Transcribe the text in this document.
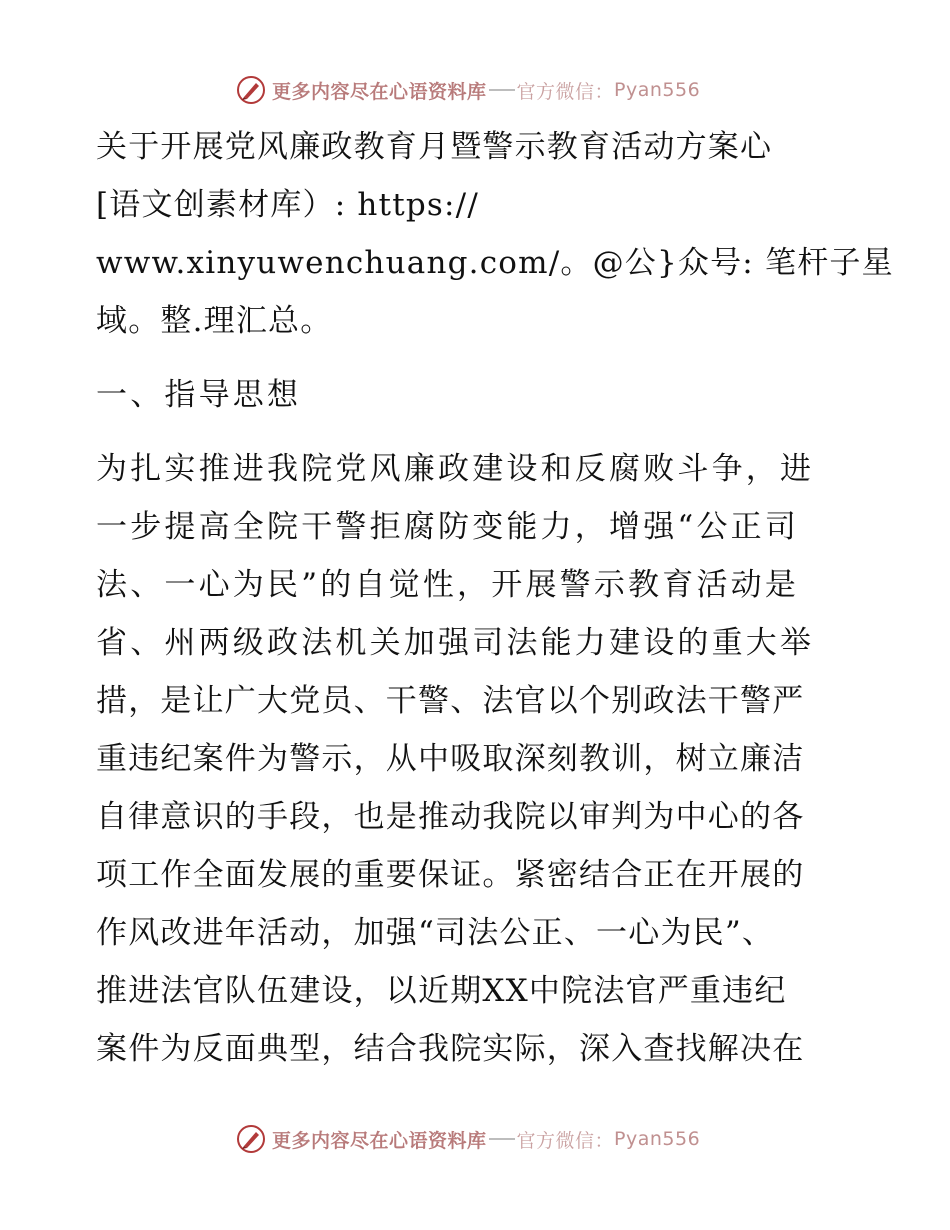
更多内容尽在心语资料库 官方微信： Pyan556
关于开展党风廉政教育月暨警示教育活动方案心
[语文创素材库）: https://
www.xinyuwenchuang.com/。@公}众号: 笔杆子星
域。整.理汇总。
一、指导思想
为扎实推进我院党风廉政建设和反腐败斗争，进
一步提高全院干警拒腐防变能力，增强“公正司
法、一心为民”的自觉性，开展警示教育活动是
省、州两级政法机关加强司法能力建设的重大举
措，是让广大党员、干警、法官以个别政法干警严
重违纪案件为警示，从中吸取深刻教训，树立廉洁
自律意识的手段，也是推动我院以审判为中心的各
项工作全面发展的重要保证。紧密结合正在开展的
作风改进年活动，加强“司法公正、一心为民”、
推进法官队伍建设，以近期XX中院法官严重违纪
案件为反面典型，结合我院实际，深入查找解决在
更多内容尽在心语资料库 官方微信： Pyan556
